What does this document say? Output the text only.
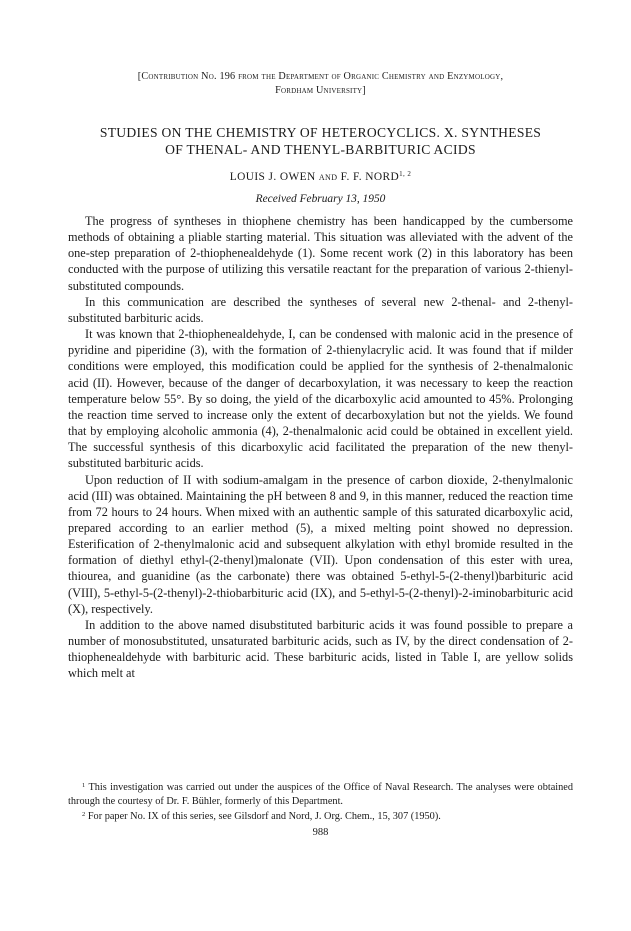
[Contribution No. 196 from the Department of Organic Chemistry and Enzymology,
Fordham University]
STUDIES ON THE CHEMISTRY OF HETEROCYCLICS. X. SYNTHESES
OF THENAL- AND THENYL-BARBITURIC ACIDS
LOUIS J. OWEN and F. F. NORD$^{1, 2}$
Received February 13, 1950

The progress of syntheses in thiophene chemistry has been handicapped by the cumbersome methods of obtaining a pliable starting material. This situation was alleviated with the advent of the one-step preparation of 2-thiophenealdehyde (1). Some recent work (2) in this laboratory has been conducted with the purpose of utilizing this versatile reactant for the preparation of various 2-thienyl-substituted compounds.

In this communication are described the syntheses of several new 2-thenal- and 2-thenyl-substituted barbituric acids.

It was known that 2-thiophenealdehyde, I, can be condensed with malonic acid in the presence of pyridine and piperidine (3), with the formation of 2-thienylacrylic acid. It was found that if milder conditions were employed, this modification could be applied for the synthesis of 2-thenalmalonic acid (II). However, because of the danger of decarboxylation, it was necessary to keep the reaction temperature below 55°. By so doing, the yield of the dicarboxylic acid amounted to 45%. Prolonging the reaction time served to increase only the extent of decarboxylation but not the yields. We found that by employing alcoholic ammonia (4), 2-thenalmalonic acid could be obtained in excellent yield. The successful synthesis of this dicarboxylic acid facilitated the preparation of the new thenyl-substituted barbituric acids.

Upon reduction of II with sodium-amalgam in the presence of carbon dioxide, 2-thenylmalonic acid (III) was obtained. Maintaining the pH between 8 and 9, in this manner, reduced the reaction time from 72 hours to 24 hours. When mixed with an authentic sample of this saturated dicarboxylic acid, prepared according to an earlier method (5), a mixed melting point showed no depression. Esterification of 2-thenylmalonic acid and subsequent alkylation with ethyl bromide resulted in the formation of diethyl ethyl-(2-thenyl)malonate (VII). Upon condensation of this ester with urea, thiourea, and guanidine (as the carbonate) there was obtained 5-ethyl-5-(2-thenyl)barbituric acid (VIII), 5-ethyl-5-(2-thenyl)-2-thiobarbituric acid (IX), and 5-ethyl-5-(2-thenyl)-2-iminobarbituric acid (X), respectively.

In addition to the above named disubstituted barbituric acids it was found possible to prepare a number of monosubstituted, unsaturated barbituric acids, such as IV, by the direct condensation of 2-thiophenealdehyde with barbituric acid. These barbituric acids, listed in Table I, are yellow solids which melt at

$^1$ This investigation was carried out under the auspices of the Office of Naval Research. The analyses were obtained through the courtesy of Dr. F. Bühler, formerly of this Department.

$^2$ For paper No. IX of this series, see Gilsdorf and Nord, J. Org. Chem., 15, 307 (1950).

988
